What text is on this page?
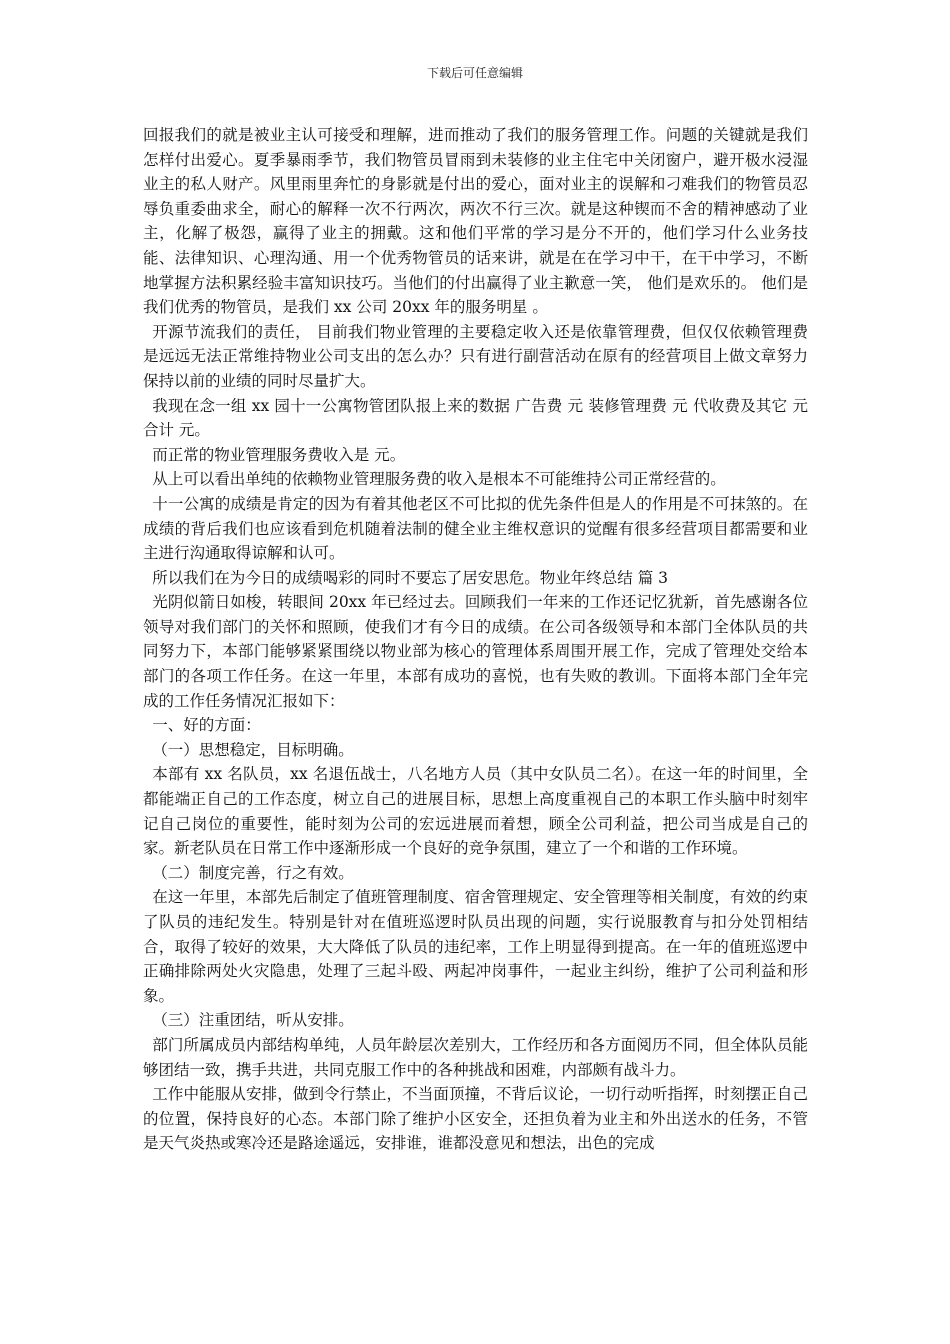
下载后可任意编辑

回报我们的就是被业主认可接受和理解，进而推动了我们的服务管理工作。问题的关键就是我们怎样付出爱心。夏季暴雨季节，我们物管员冒雨到未装修的业主住宅中关闭窗户，避开极水浸湿业主的私人财产。风里雨里奔忙的身影就是付出的爱心，面对业主的误解和刁难我们的物管员忍辱负重委曲求全，耐心的解释一次不行两次，两次不行三次。就是这种锲而不舍的精神感动了业主，化解了极怨，赢得了业主的拥戴。这和他们平常的学习是分不开的，他们学习什么业务技能、法律知识、心理沟通、用一个优秀物管员的话来讲，就是在在学习中干，在干中学习，不断地掌握方法积累经验丰富知识技巧。当他们的付出赢得了业主歉意一笑， 他们是欢乐的。 他们是我们优秀的物管员，是我们 xx 公司 20xx 年的服务明星 。

开源节流我们的责任， 目前我们物业管理的主要稳定收入还是依靠管理费，但仅仅依赖管理费是远远无法正常维持物业公司支出的怎么办？只有进行副营活动在原有的经营项目上做文章努力保持以前的业绩的同时尽量扩大。

我现在念一组 xx 园十一公寓物管团队报上来的数据 广告费 元 装修管理费 元 代收费及其它 元 合计 元。

而正常的物业管理服务费收入是 元。

从上可以看出单纯的依赖物业管理服务费的收入是根本不可能维持公司正常经营的。

十一公寓的成绩是肯定的因为有着其他老区不可比拟的优先条件但是人的作用是不可抹煞的。在成绩的背后我们也应该看到危机随着法制的健全业主维权意识的觉醒有很多经营项目都需要和业主进行沟通取得谅解和认可。

所以我们在为今日的成绩喝彩的同时不要忘了居安思危。物业年终总结 篇 3

光阴似箭日如梭，转眼间 20xx 年已经过去。回顾我们一年来的工作还记忆犹新，首先感谢各位领导对我们部门的关怀和照顾，使我们才有今日的成绩。在公司各级领导和本部门全体队员的共同努力下，本部门能够紧紧围绕以物业部为核心的管理体系周围开展工作，完成了管理处交给本部门的各项工作任务。在这一年里，本部有成功的喜悦，也有失败的教训。下面将本部门全年完成的工作任务情况汇报如下：

一、好的方面：

（一）思想稳定，目标明确。

本部有 xx 名队员，xx 名退伍战士，八名地方人员（其中女队员二名）。在这一年的时间里，全都能端正自己的工作态度，树立自己的进展目标，思想上高度重视自己的本职工作头脑中时刻牢记自己岗位的重要性，能时刻为公司的宏远进展而着想，顾全公司利益，把公司当成是自己的家。新老队员在日常工作中逐渐形成一个良好的竞争氛围，建立了一个和谐的工作环境。

（二）制度完善，行之有效。

在这一年里，本部先后制定了值班管理制度、宿舍管理规定、安全管理等相关制度，有效的约束了队员的违纪发生。特别是针对在值班巡逻时队员出现的问题，实行说服教育与扣分处罚相结合，取得了较好的效果，大大降低了队员的违纪率，工作上明显得到提高。在一年的值班巡逻中正确排除两处火灾隐患，处理了三起斗殴、两起冲岗事件，一起业主纠纷，维护了公司利益和形象。

（三）注重团结，听从安排。

部门所属成员内部结构单纯，人员年龄层次差别大，工作经历和各方面阅历不同，但全体队员能够团结一致，携手共进，共同克服工作中的各种挑战和困难，内部颇有战斗力。

工作中能服从安排，做到令行禁止，不当面顶撞，不背后议论，一切行动听指挥，时刻摆正自己的位置，保持良好的心态。本部门除了维护小区安全，还担负着为业主和外出送水的任务，不管是天气炎热或寒冷还是路途遥远，安排谁，谁都没意见和想法，出色的完成
